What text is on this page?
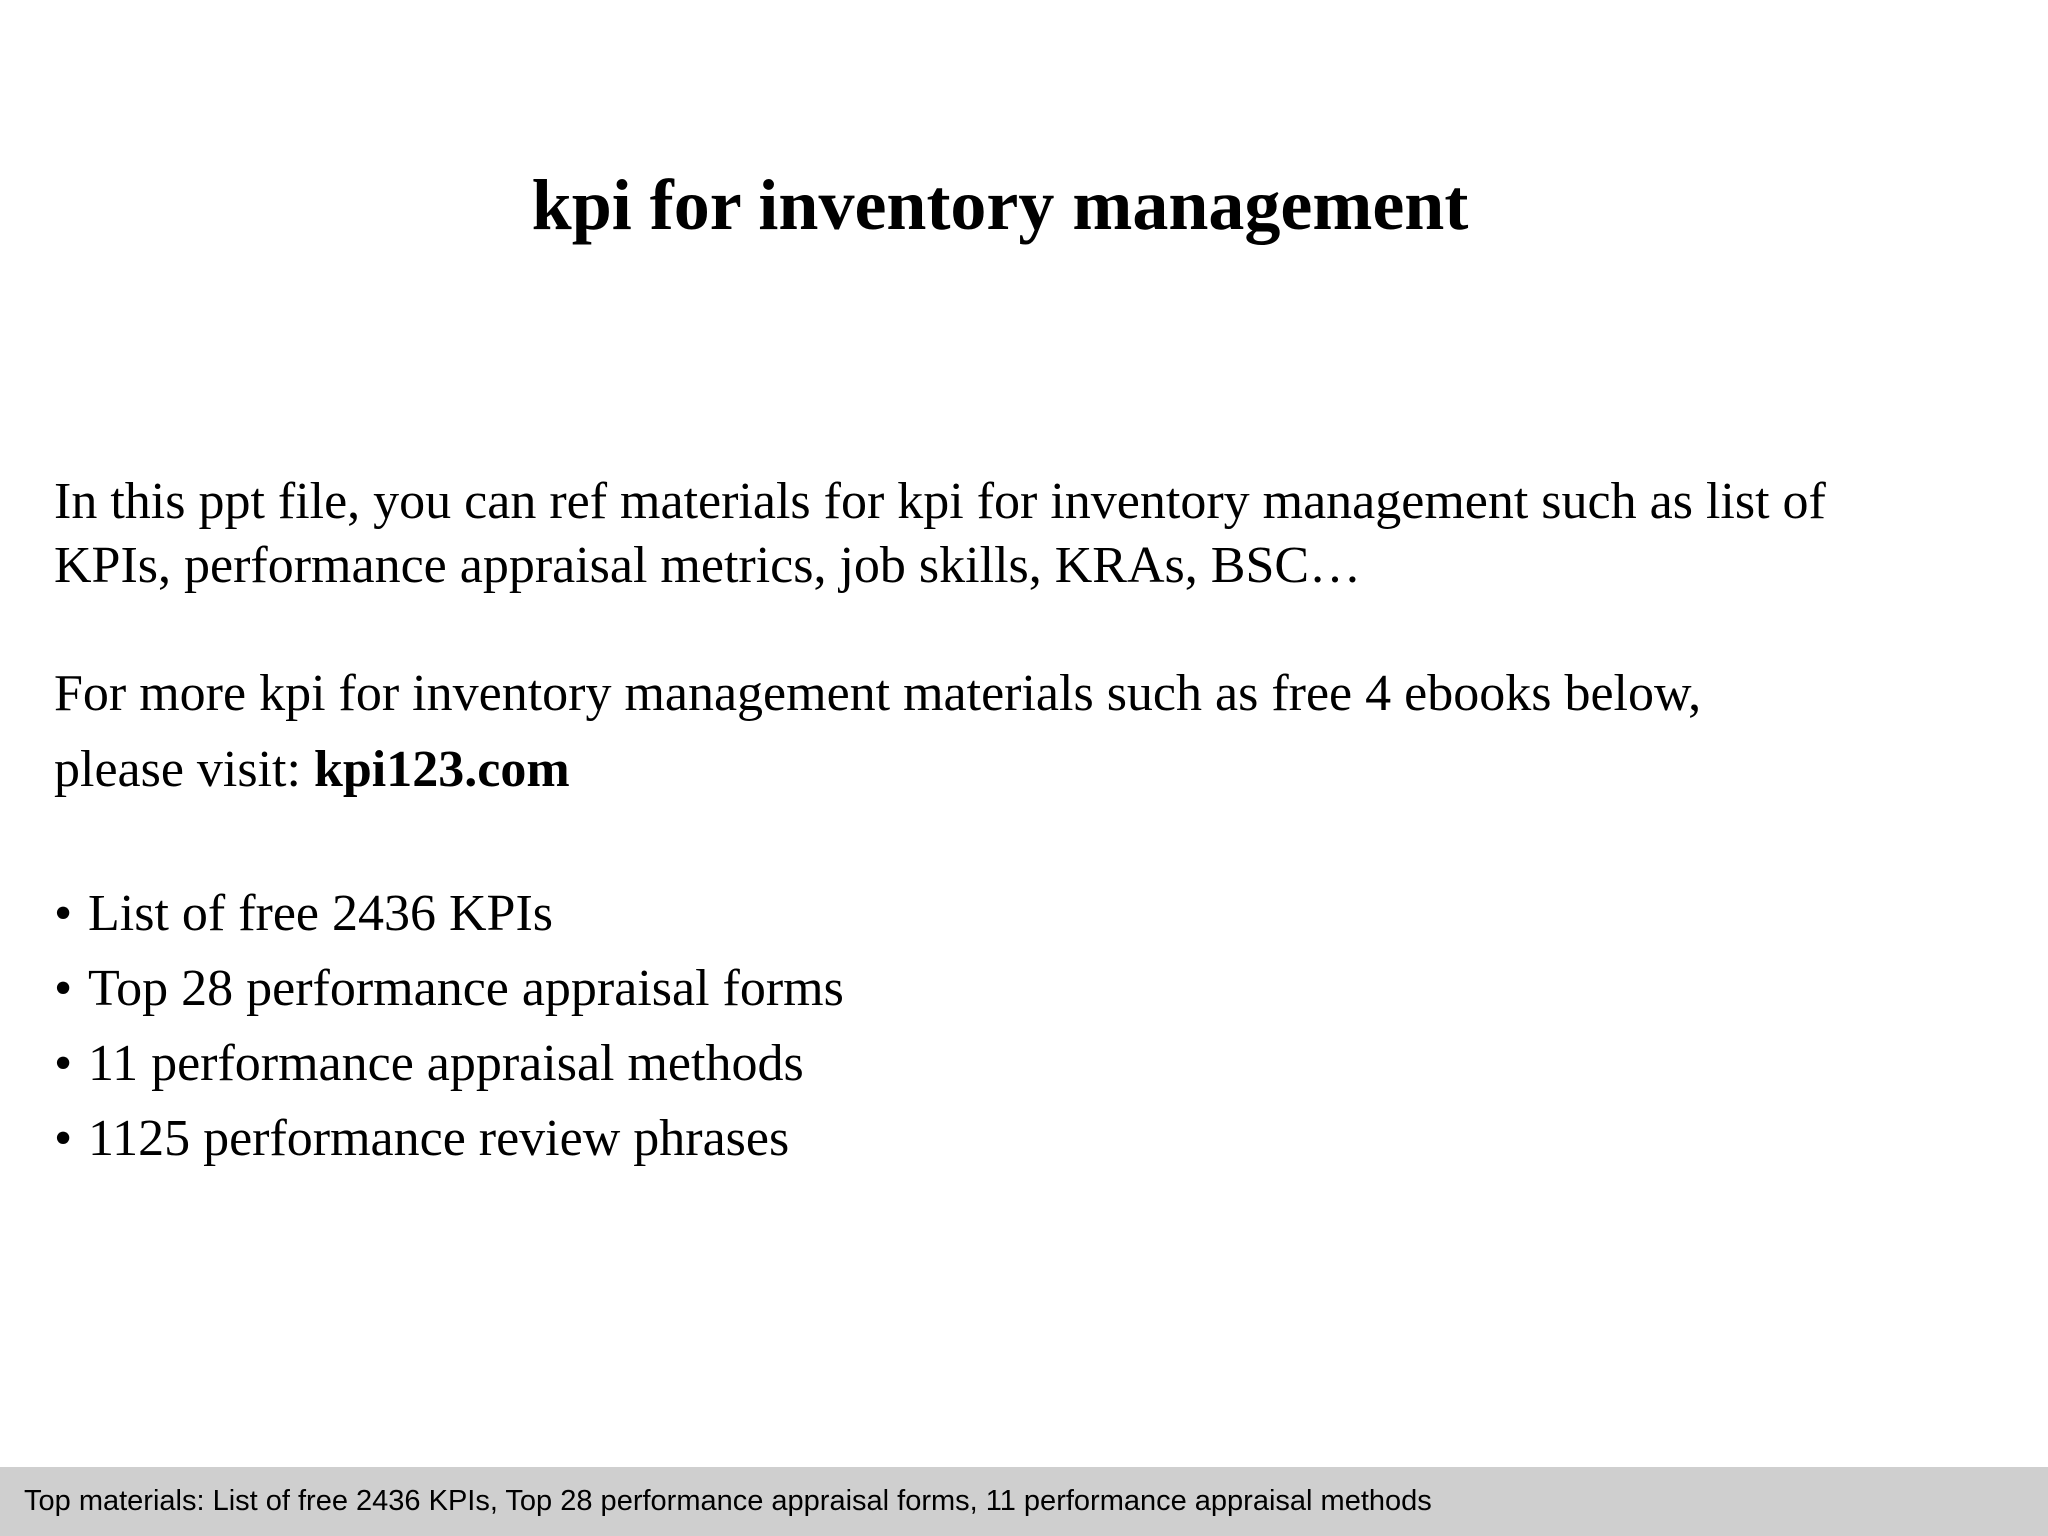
kpi for inventory management

In this ppt file, you can ref materials for kpi for inventory management such as list of
KPIs, performance appraisal metrics, job skills, KRAs, BSC…

For more kpi for inventory management materials such as free 4 ebooks below,
please visit: kpi123.com

• List of free 2436 KPIs
• Top 28 performance appraisal forms
• 11 performance appraisal methods
• 1125 performance review phrases
Top materials: List of free 2436 KPIs, Top 28 performance appraisal forms, 11 performance appraisal methods
